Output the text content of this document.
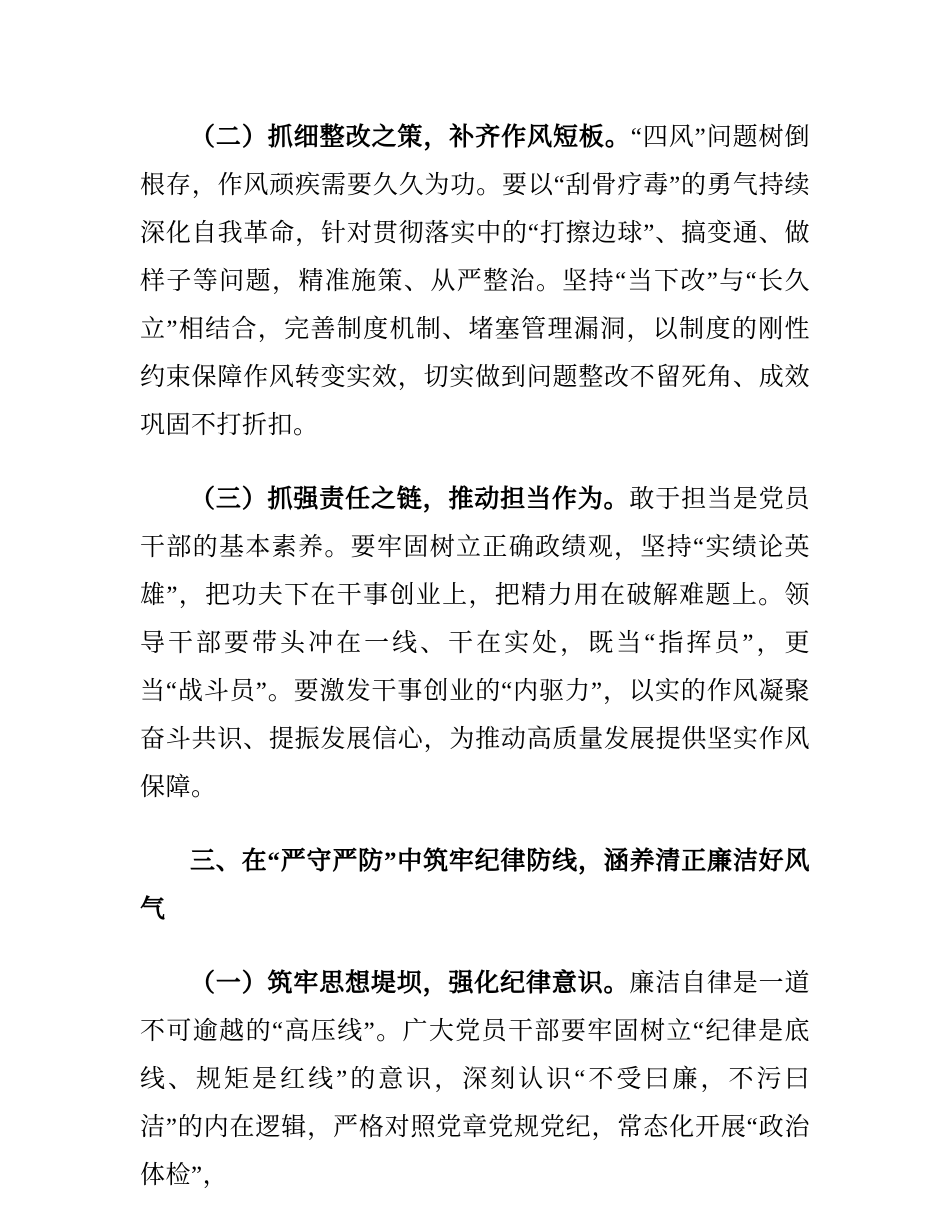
（二）抓细整改之策，补齐作风短板。“四风”问题树倒根存，作风顽疾需要久久为功。要以“刮骨疗毒”的勇气持续深化自我革命，针对贯彻落实中的“打擦边球”、搞变通、做样子等问题，精准施策、从严整治。坚持“当下改”与“长久立”相结合，完善制度机制、堵塞管理漏洞，以制度的刚性约束保障作风转变实效，切实做到问题整改不留死角、成效巩固不打折扣。

（三）抓强责任之链，推动担当作为。敢于担当是党员干部的基本素养。要牢固树立正确政绩观，坚持“实绩论英雄”，把功夫下在干事创业上，把精力用在破解难题上。领导干部要带头冲在一线、干在实处，既当“指挥员”，更当“战斗员”。要激发干事创业的“内驱力”，以实的作风凝聚奋斗共识、提振发展信心，为推动高质量发展提供坚实作风保障。

三、在“严守严防”中筑牢纪律防线，涵养清正廉洁好风气

（一）筑牢思想堤坝，强化纪律意识。廉洁自律是一道不可逾越的“高压线”。广大党员干部要牢固树立“纪律是底线、规矩是红线”的意识，深刻认识“不受曰廉，不污曰洁”的内在逻辑，严格对照党章党规党纪，常态化开展“政治体检”，
